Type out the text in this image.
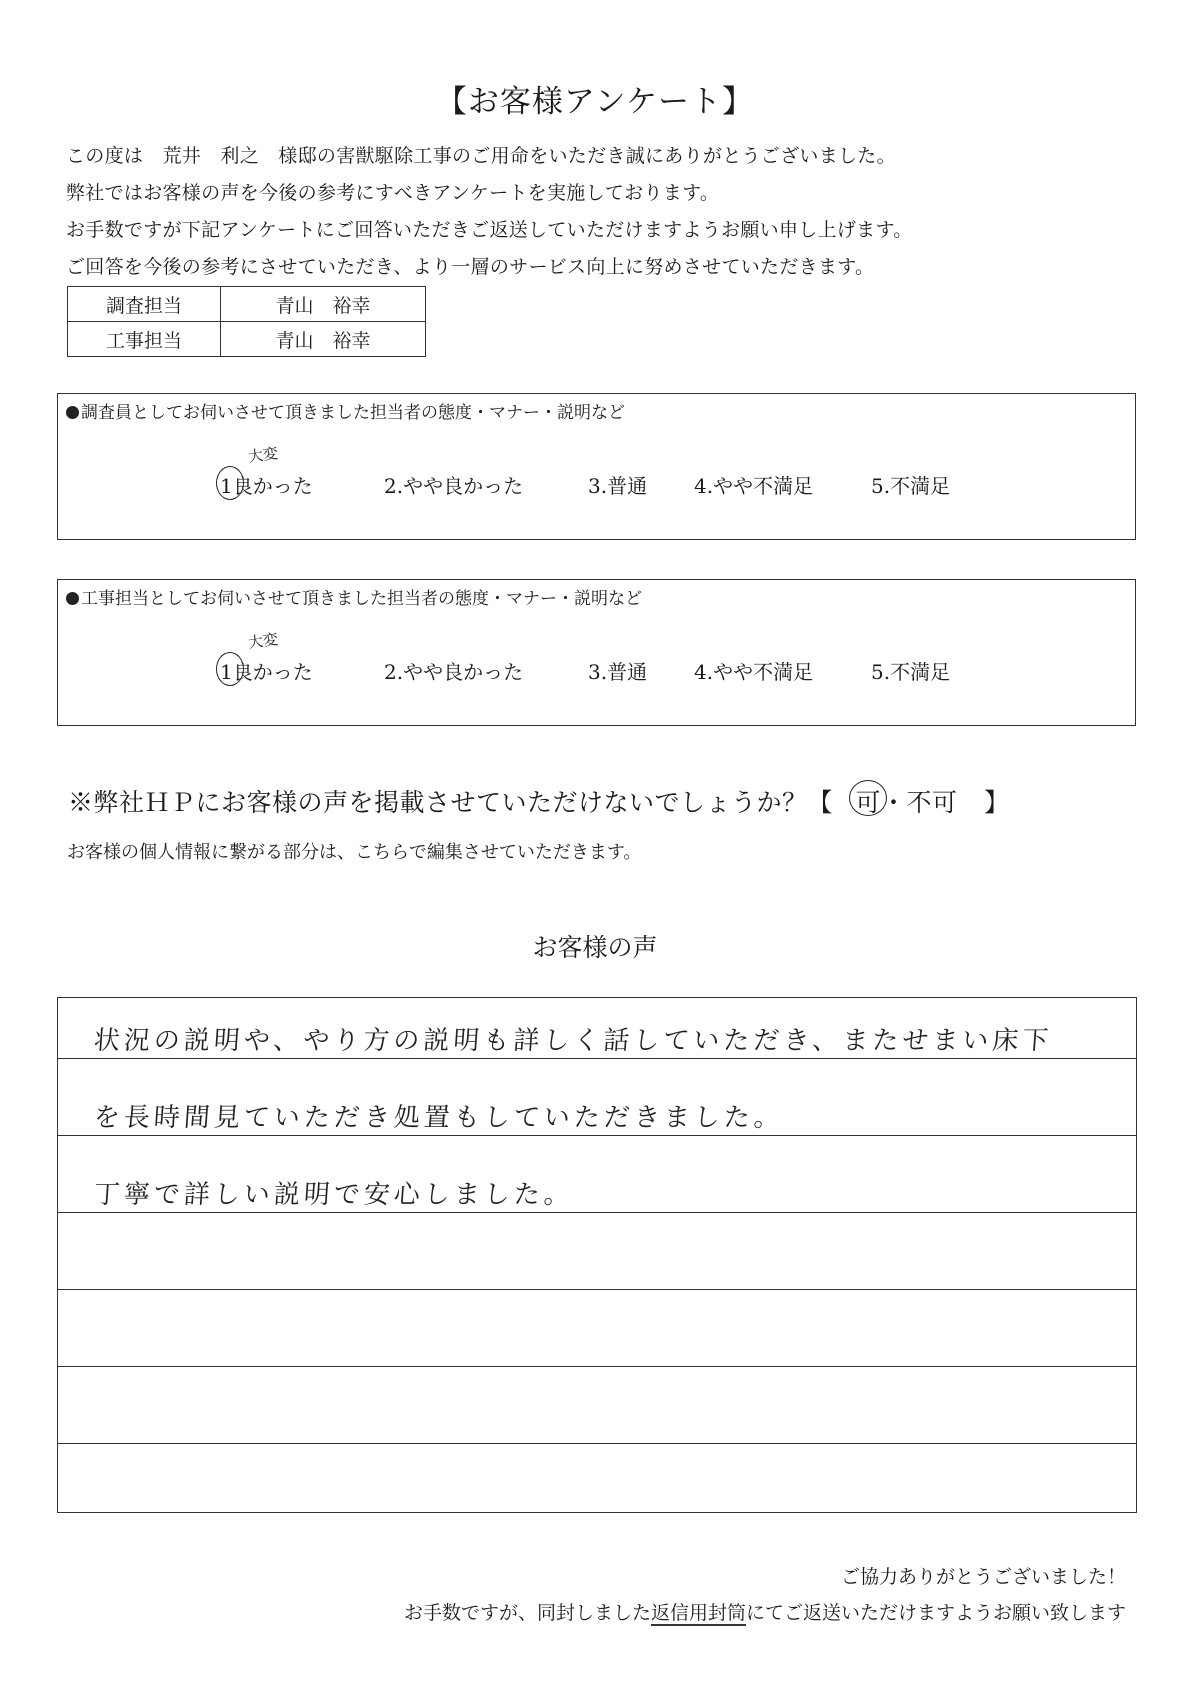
【お客様アンケート】
この度は　荒井　利之　様邸の害獣駆除工事のご用命をいただき誠にありがとうございました。
弊社ではお客様の声を今後の参考にすべきアンケートを実施しております。
お手数ですが下記アンケートにご回答いただきご返送していただけますようお願い申し上げます。
ご回答を今後の参考にさせていただき、より一層のサービス向上に努めさせていただきます。
調査担当	青山　裕幸
工事担当	青山　裕幸
調査員としてお伺いさせて頂きました担当者の態度・マナー・説明など
大変
1良かった	2.やや良かった	3.普通 4.やや不満足	5.不満足
工事担当としてお伺いさせて頂きました担当者の態度・マナー・説明など
大変
1良かった	2.やや良かった	3.普通 4.やや不満足	5.不満足
※弊社ＨＰにお客様の声を掲載させていただけないでしょうか？【 可・不可 】
お客様の個人情報に繋がる部分は、こちらで編集させていただきます。
お客様の声
状況の説明や、やり方の説明も詳しく話していただき、またせまい床下
を長時間見ていただき処置もしていただきました。
丁寧で詳しい説明で安心しました。
ご協力ありがとうございました！
お手数ですが、同封しました返信用封筒にてご返送いただけますようお願い致します
